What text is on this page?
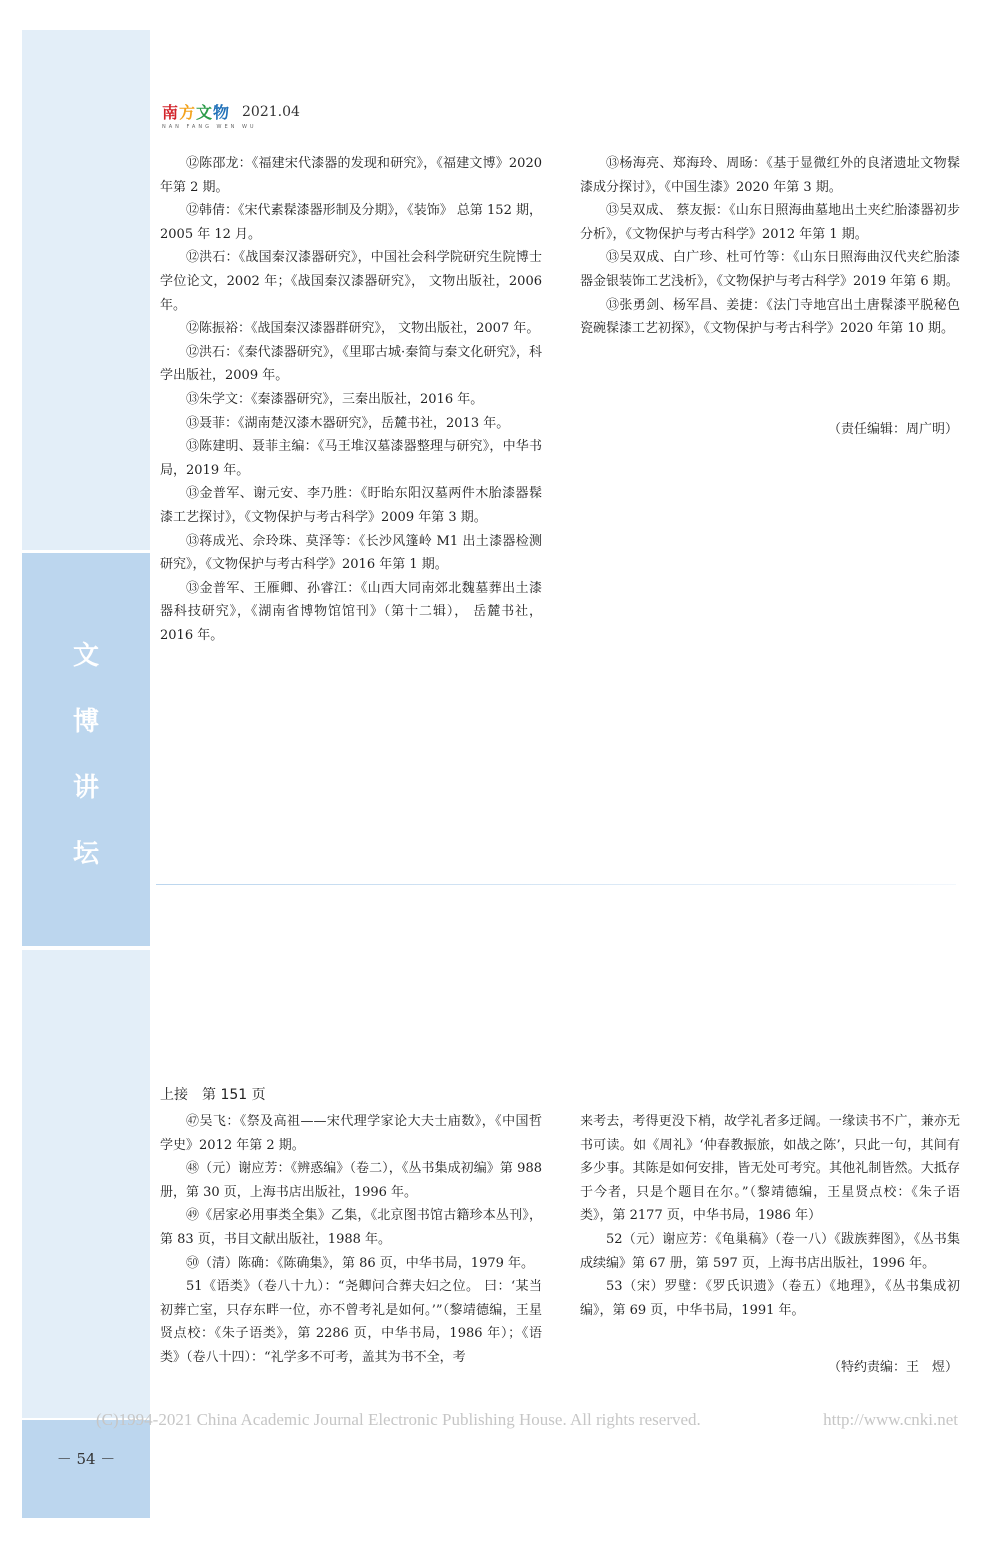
文
博
讲
坛
南方文物
NAN FANG WEN WU
2021.04

⑫陈邵龙：《福建宋代漆器的发现和研究》，《福建文博》2020 年第 2 期。

⑫韩倩：《宋代素髹漆器形制及分期》，《装饰》 总第 152 期，2005 年 12 月。

⑫洪石：《战国秦汉漆器研究》，中国社会科学院研究生院博士学位论文，2002 年；《战国秦汉漆器研究》， 文物出版社，2006 年。

⑫陈振裕：《战国秦汉漆器群研究》， 文物出版社，2007 年。

⑫洪石：《秦代漆器研究》，《里耶古城·秦简与秦文化研究》，科学出版社，2009 年。

⑬朱学文：《秦漆器研究》，三秦出版社，2016 年。

⑬聂菲：《湖南楚汉漆木器研究》，岳麓书社，2013 年。

⑬陈建明、聂菲主编：《马王堆汉墓漆器整理与研究》，中华书局，2019 年。

⑬金普军、谢元安、李乃胜：《盱眙东阳汉墓两件木胎漆器髹漆工艺探讨》，《文物保护与考古科学》2009 年第 3 期。

⑬蒋成光、佘玲珠、莫泽等：《长沙风篷岭 M1 出土漆器检测研究》，《文物保护与考古科学》2016 年第 1 期。

⑬金普军、王雁卿、孙睿江：《山西大同南郊北魏墓葬出土漆器科技研究》，《湖南省博物馆馆刊》（第十二辑）， 岳麓书社，2016 年。

⑬杨海亮、郑海玲、周旸：《基于显微红外的良渚遗址文物髹漆成分探讨》，《中国生漆》2020 年第 3 期。

⑬吴双成、 蔡友振：《山东日照海曲墓地出土夹纻胎漆器初步分析》，《文物保护与考古科学》2012 年第 1 期。

⑬吴双成、白广珍、杜可竹等：《山东日照海曲汉代夹纻胎漆器金银装饰工艺浅析》，《文物保护与考古科学》2019 年第 6 期。

⑬张勇剑、杨军昌、姜捷：《法门寺地宫出土唐髹漆平脱秘色瓷碗髹漆工艺初探》，《文物保护与考古科学》2020 年第 10 期。

（责任编辑：周广明）
上接　第 151 页

㊼吴飞：《祭及高祖——宋代理学家论大夫士庙数》，《中国哲学史》2012 年第 2 期。

㊽（元）谢应芳：《辨惑编》（卷二），《丛书集成初编》第 988 册，第 30 页，上海书店出版社，1996 年。

㊾《居家必用事类全集》乙集，《北京图书馆古籍珍本丛刊》，第 83 页，书目文献出版社，1988 年。

㊿（清）陈确：《陈确集》，第 86 页，中华书局，1979 年。

51《语类》（卷八十九）：“尧卿问合葬夫妇之位。 曰：‘某当初葬亡室，只存东畔一位，亦不曾考礼是如何。’”（黎靖德编，王星贤点校：《朱子语类》，第 2286 页，中华书局，1986 年）；《语类》（卷八十四）：“礼学多不可考，盖其为书不全，考

来考去，考得更没下梢，故学礼者多迂阔。一缘读书不广，兼亦无书可读。如《周礼》‘仲春教振旅，如战之陈’，只此一句，其间有多少事。其陈是如何安排，皆无处可考究。其他礼制皆然。大抵存于今者，只是个题目在尔。”（黎靖德编，王星贤点校：《朱子语类》，第 2177 页，中华书局，1986 年）

52（元）谢应芳：《龟巢稿》（卷一八）《跋族葬图》，《丛书集成续编》第 67 册，第 597 页，上海书店出版社，1996 年。

53（宋）罗璧：《罗氏识遗》（卷五）《地理》，《丛书集成初编》，第 69 页，中华书局，1991 年。

（特约责编：王　煜）
(C)1994-2021 China Academic Journal Electronic Publishing House. All rights reserved.	http://www.cnki.net
－ 54 －
